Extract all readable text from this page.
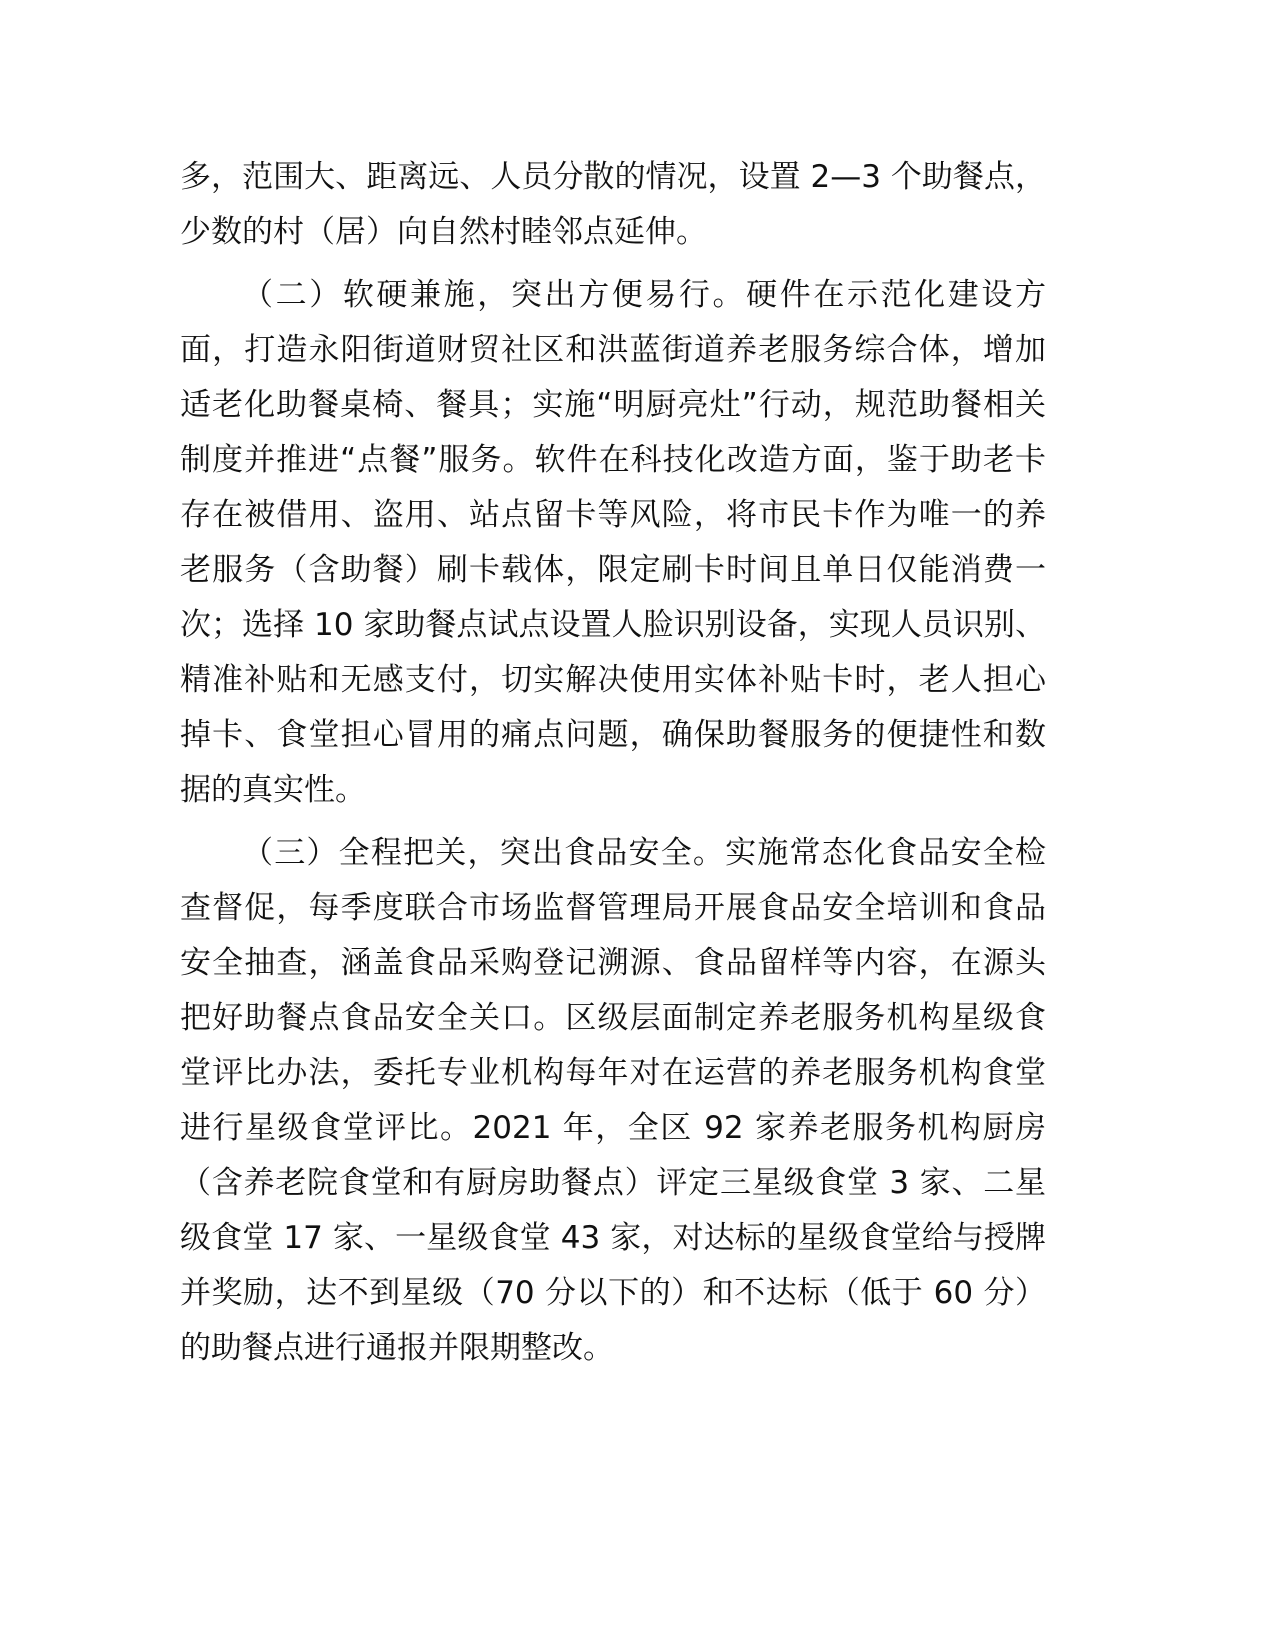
多，范围大、距离远、人员分散的情况，设置 2—3 个助餐点，少数的村（居）向自然村睦邻点延伸。

（二）软硬兼施，突出方便易行。硬件在示范化建设方面，打造永阳街道财贸社区和洪蓝街道养老服务综合体，增加适老化助餐桌椅、餐具；实施“明厨亮灶”行动，规范助餐相关制度并推进“点餐”服务。软件在科技化改造方面，鉴于助老卡存在被借用、盗用、站点留卡等风险，将市民卡作为唯一的养老服务（含助餐）刷卡载体，限定刷卡时间且单日仅能消费一次；选择 10 家助餐点试点设置人脸识别设备，实现人员识别、精准补贴和无感支付，切实解决使用实体补贴卡时，老人担心掉卡、食堂担心冒用的痛点问题，确保助餐服务的便捷性和数据的真实性。

（三）全程把关，突出食品安全。实施常态化食品安全检查督促，每季度联合市场监督管理局开展食品安全培训和食品安全抽查，涵盖食品采购登记溯源、食品留样等内容，在源头把好助餐点食品安全关口。区级层面制定养老服务机构星级食堂评比办法，委托专业机构每年对在运营的养老服务机构食堂进行星级食堂评比。2021 年，全区 92 家养老服务机构厨房（含养老院食堂和有厨房助餐点）评定三星级食堂 3 家、二星级食堂 17 家、一星级食堂 43 家，对达标的星级食堂给与授牌并奖励，达不到星级（70 分以下的）和不达标（低于 60 分）的助餐点进行通报并限期整改。
